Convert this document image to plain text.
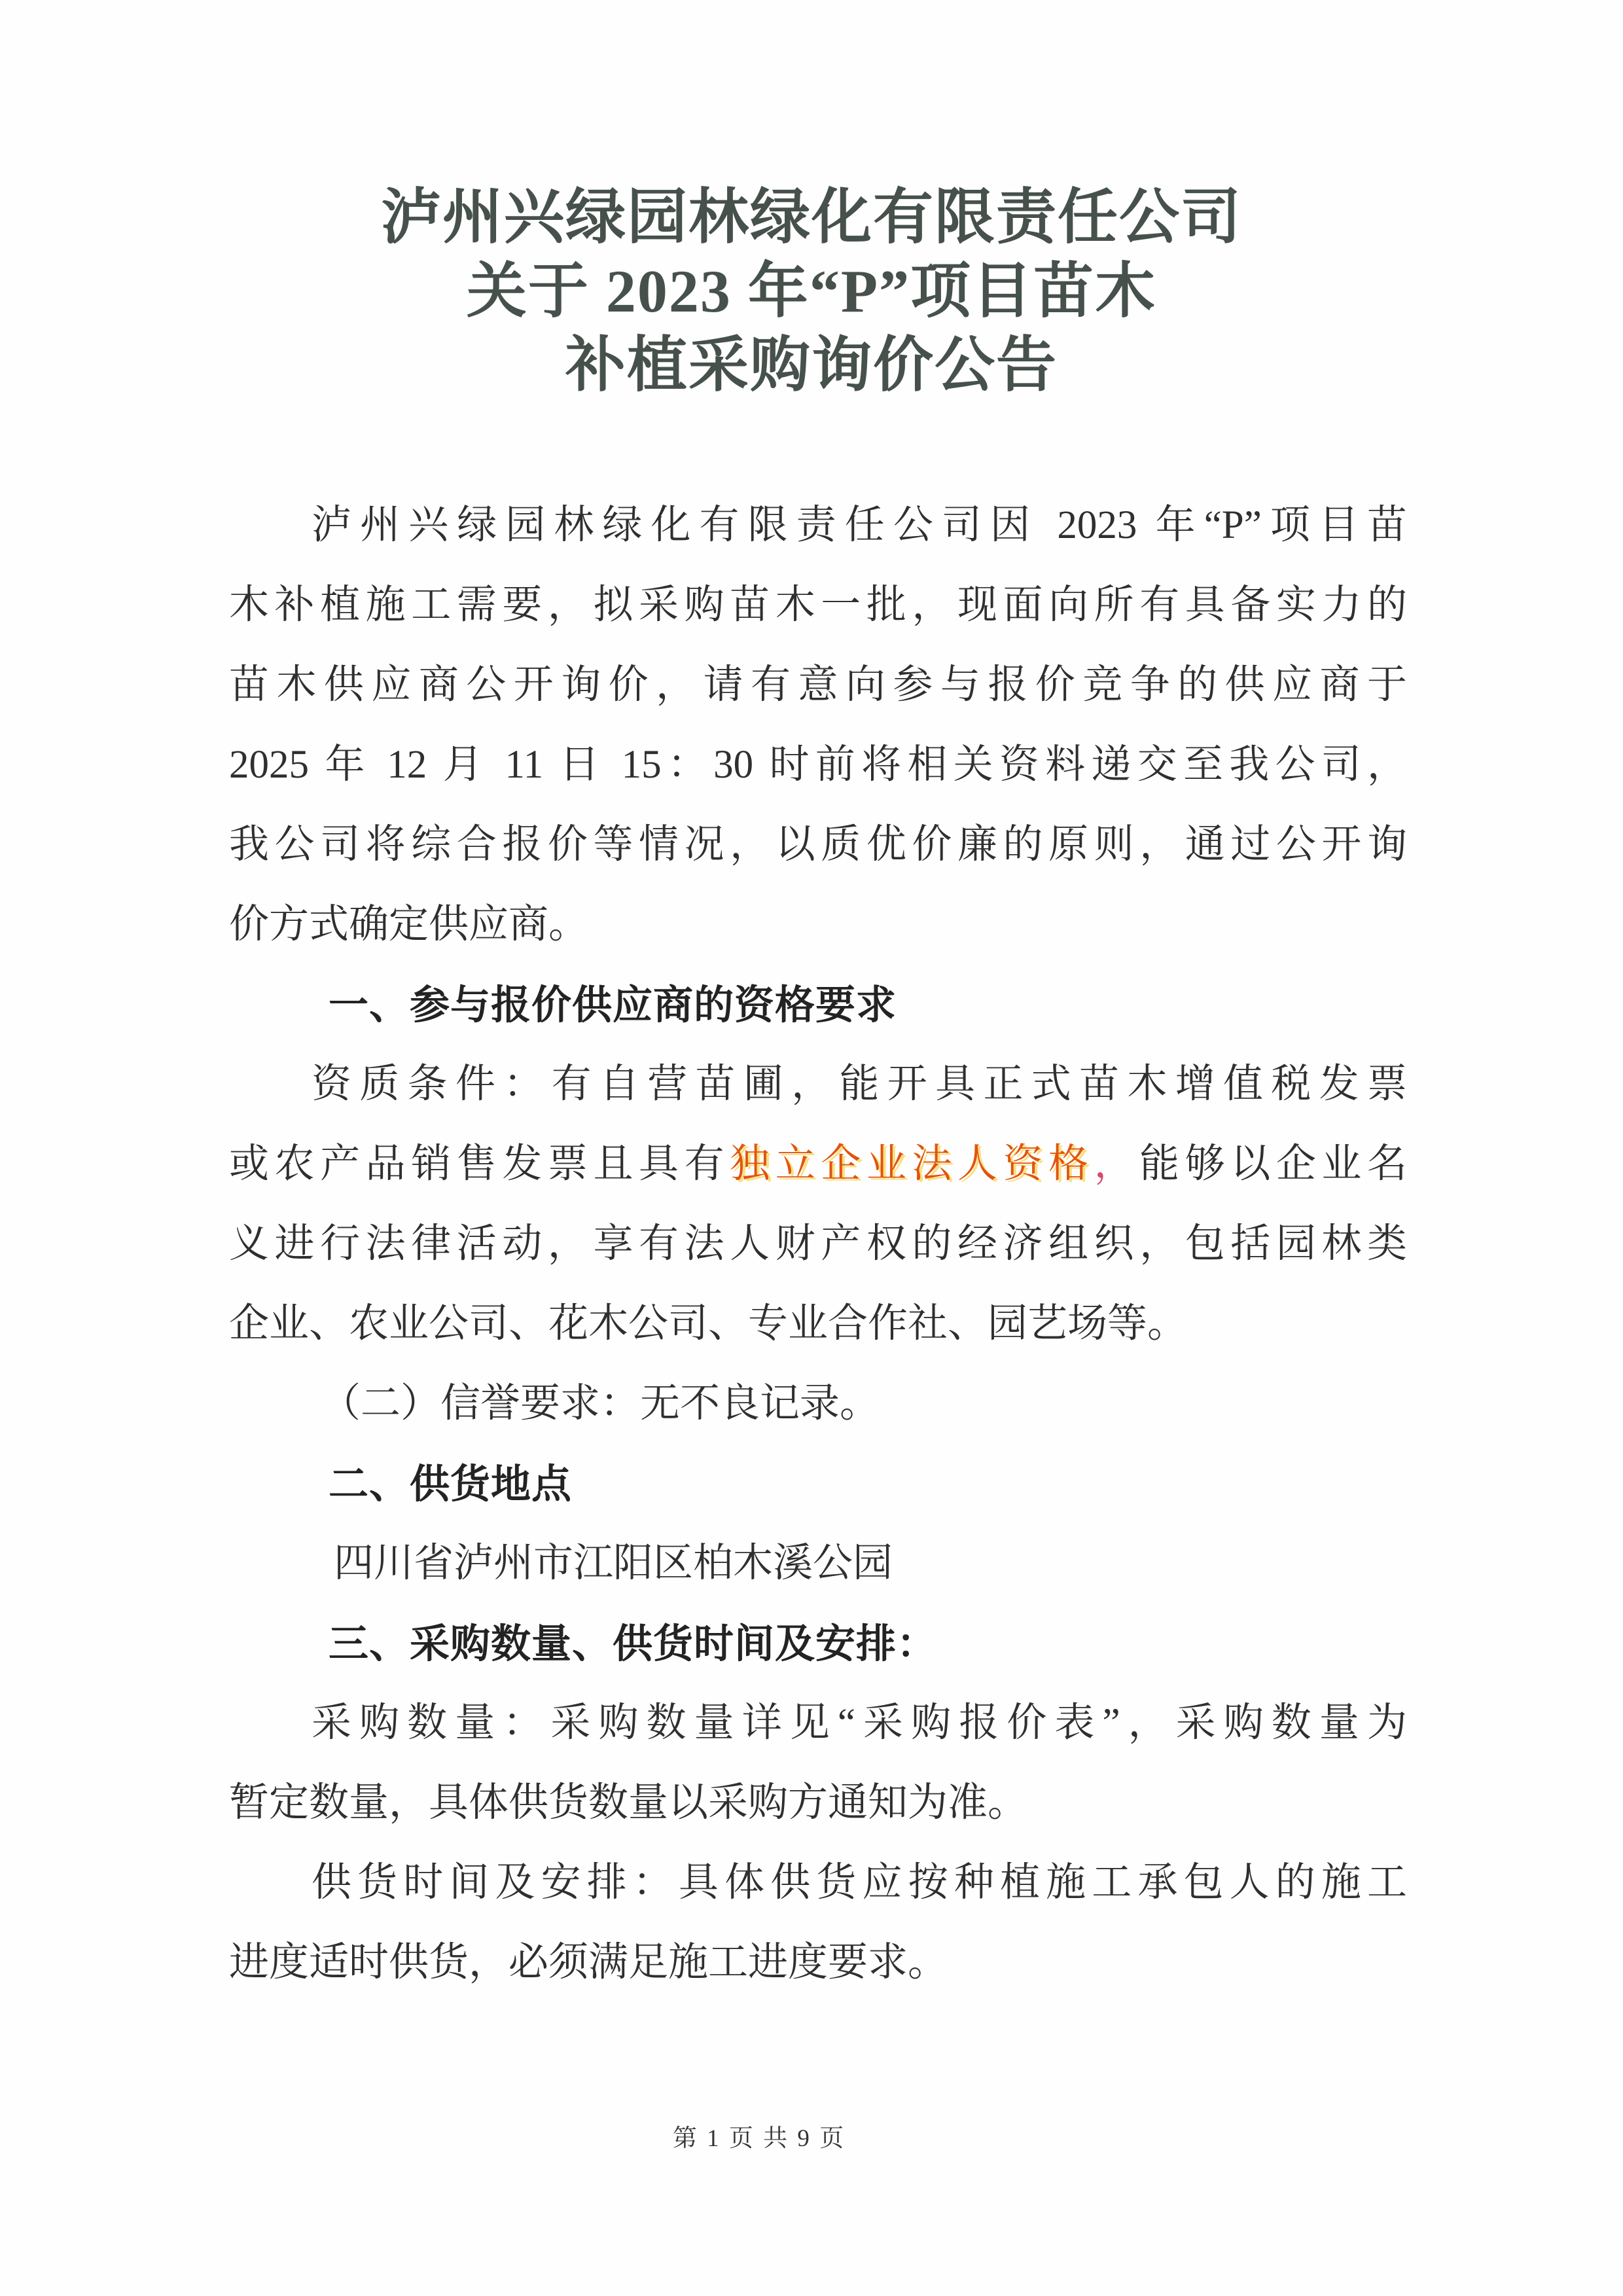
泸州兴绿园林绿化有限责任公司
关于 2023 年“P”项目苗木
补植采购询价公告
泸州兴绿园林绿化有限责任公司因 2023 年“P”项目苗
木补植施工需要，拟采购苗木一批，现面向所有具备实力的
苗木供应商公开询价，请有意向参与报价竞争的供应商于
2025 年 12 月 11 日 15：30 时前将相关资料递交至我公司，
我公司将综合报价等情况，以质优价廉的原则，通过公开询
价方式确定供应商。
一、参与报价供应商的资格要求
资质条件：有自营苗圃，能开具正式苗木增值税发票
或农产品销售发票且具有独立企业法人资格，能够以企业名
义进行法律活动，享有法人财产权的经济组织，包括园林类
企业、农业公司、花木公司、专业合作社、园艺场等。
（二）信誉要求：无不良记录。
二、供货地点
四川省泸州市江阳区柏木溪公园
三、采购数量、供货时间及安排：
采购数量：采购数量详见“采购报价表”，采购数量为
暂定数量，具体供货数量以采购方通知为准。
供货时间及安排：具体供货应按种植施工承包人的施工
进度适时供货，必须满足施工进度要求。
第 1 页 共 9 页
